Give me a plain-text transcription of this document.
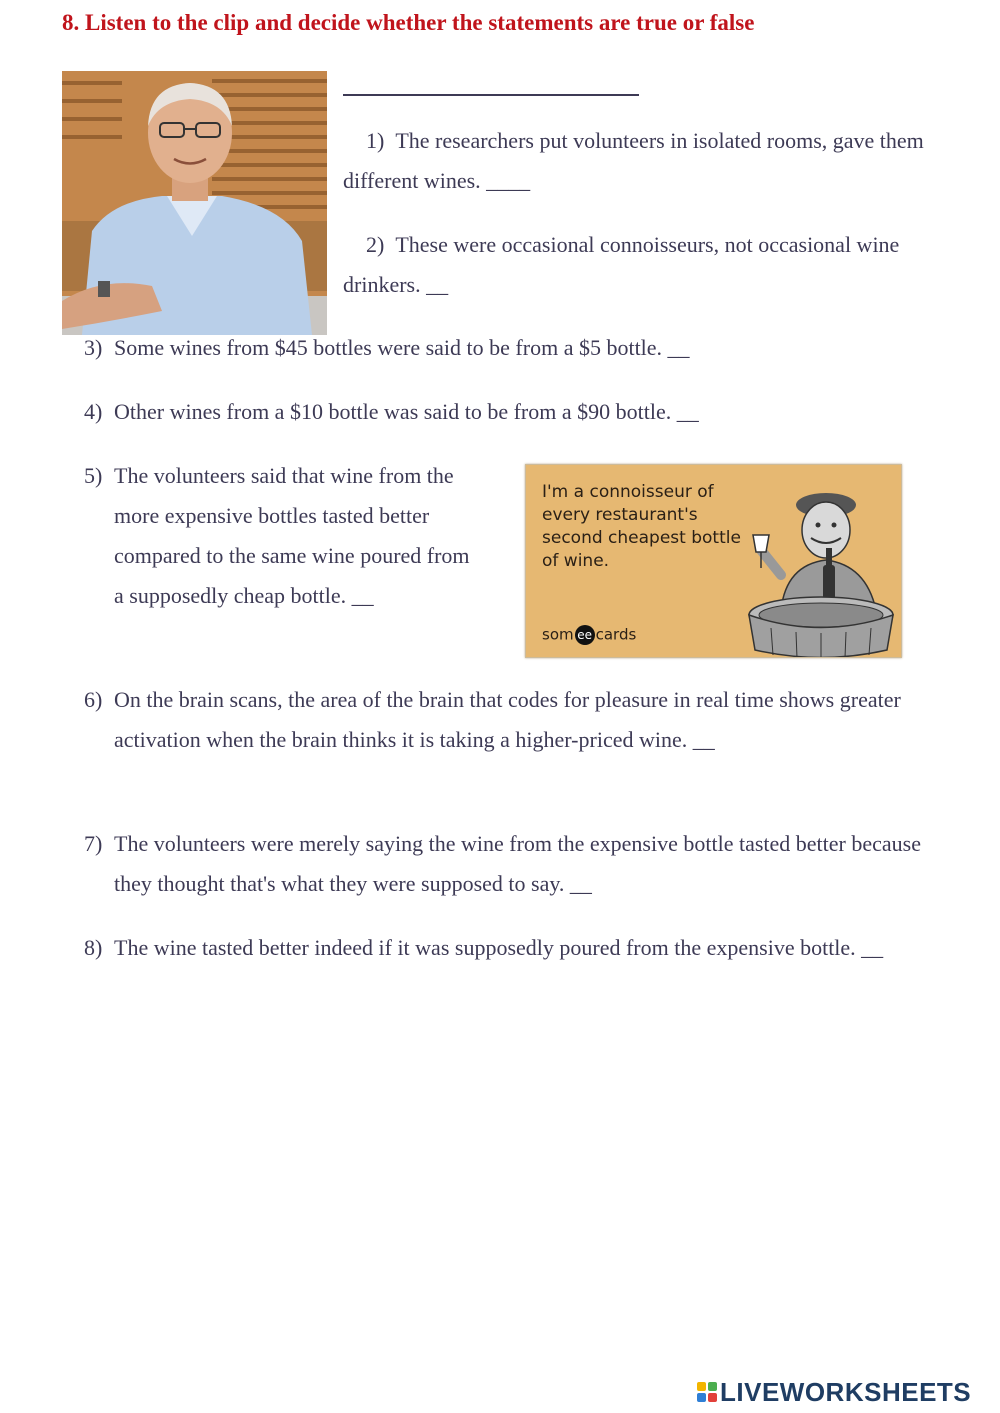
8. Listen to the clip and decide whether the statements are true or false
1) The researchers put volunteers in isolated rooms, gave them different wines. ____
2) These were occasional connoisseurs, not occasional wine drinkers. __
3) Some wines from $45 bottles were said to be from a $5 bottle. __
4) Other wines from a $10 bottle was said to be from a $90 bottle. __
5) The volunteers said that wine from the more expensive bottles tasted better compared to the same wine poured from a supposedly cheap bottle. __
6) On the brain scans, the area of the brain that codes for pleasure in real time shows greater activation when the brain thinks it is taking a higher-priced wine. __
7) The volunteers were merely saying the wine from the expensive bottle tasted better because they thought that's what they were supposed to say. __
8) The wine tasted better indeed if it was supposedly poured from the expensive bottle. __
I'm a connoisseur of every restaurant's second cheapest bottle of wine.
som ee cards
LIVEWORKSHEETS
